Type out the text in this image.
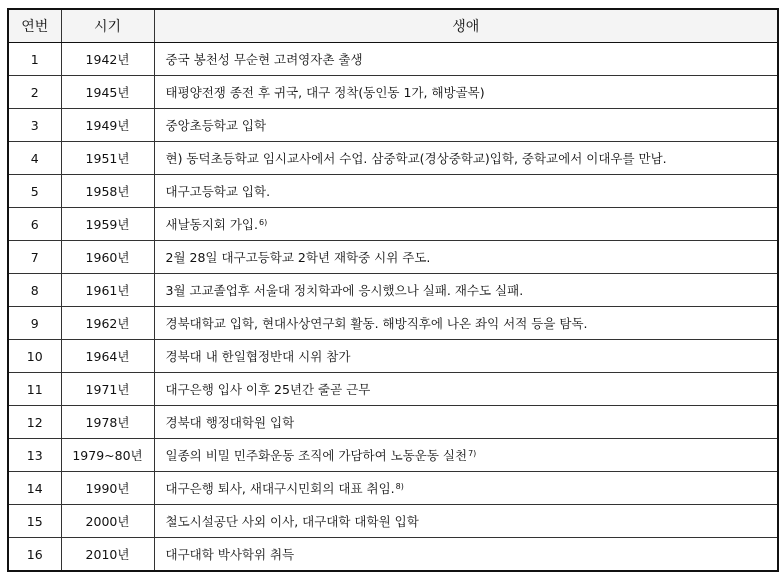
연번	시기	생애
1	1942년	중국 봉천성 무순현 고려영자촌 출생
2	1945년	태평양전쟁 종전 후 귀국, 대구 정착(동인동 1가, 해방골목)
3	1949년	중앙초등학교 입학
4	1951년	현) 동덕초등학교 임시교사에서 수업. 삼중학교(경상중학교)입학, 중학교에서 이대우를 만남.
5	1958년	대구고등학교 입학.
6	1959년	새날동지회 가입.$^{6)}$
7	1960년	2월 28일 대구고등학교 2학년 재학중 시위 주도.
8	1961년	3월 고교졸업후 서울대 정치학과에 응시했으나 실패. 재수도 실패.
9	1962년	경북대학교 입학, 현대사상연구회 활동. 해방직후에 나온 좌익 서적 등을 탐독.
10	1964년	경북대 내 한일협정반대 시위 참가
11	1971년	대구은행 입사 이후 25년간 줄곧 근무
12	1978년	경북대 행정대학원 입학
13	1979~80년	일종의 비밀 민주화운동 조직에 가담하여 노동운동 실천$^{7)}$
14	1990년	대구은행 퇴사, 새대구시민회의 대표 취임.$^{8)}$
15	2000년	철도시설공단 사외 이사, 대구대학 대학원 입학
16	2010년	대구대학 박사학위 취득
